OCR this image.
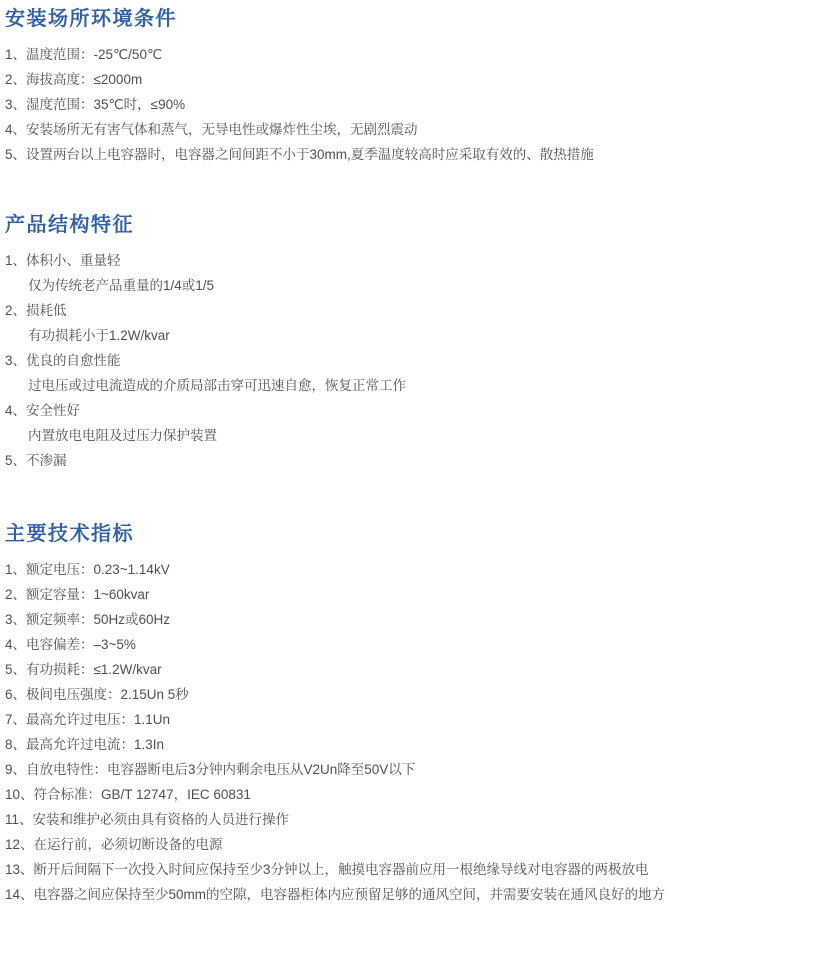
安装场所环境条件
1、温度范围：-25℃/50℃
2、海拔高度：≤2000m
3、湿度范围：35℃时，≤90%
4、安装场所无有害气体和蒸气，无导电性或爆炸性尘埃，无剧烈震动
5、设置两台以上电容器时，电容器之间间距不小于30mm,夏季温度较高时应采取有效的、散热措施
产品结构特征
1、体积小、重量轻
仅为传统老产品重量的1/4或1/5
2、损耗低
有功损耗小于1.2W/kvar
3、优良的自愈性能
过电压或过电流造成的介质局部击穿可迅速自愈，恢复正常工作
4、安全性好
内置放电电阻及过压力保护装置
5、不渗漏
主要技术指标
1、额定电压：0.23~1.14kV
2、额定容量：1~60kvar
3、额定频率：50Hz或60Hz
4、电容偏差：–3~5%
5、有功损耗：≤1.2W/kvar
6、极间电压强度：2.15Un 5秒
7、最高允许过电压：1.1Un
8、最高允许过电流：1.3In
9、自放电特性：电容器断电后3分钟内剩余电压从V2Un降至50V以下
10、符合标准：GB/T 12747，IEC 60831
11、安装和维护必须由具有资格的人员进行操作
12、在运行前，必须切断设备的电源
13、断开后间隔下一次投入时间应保持至少3分钟以上，触摸电容器前应用一根绝缘导线对电容器的两极放电
14、电容器之间应保持至少50mm的空隙，电容器柜体内应预留足够的通风空间，并需要安装在通风良好的地方
